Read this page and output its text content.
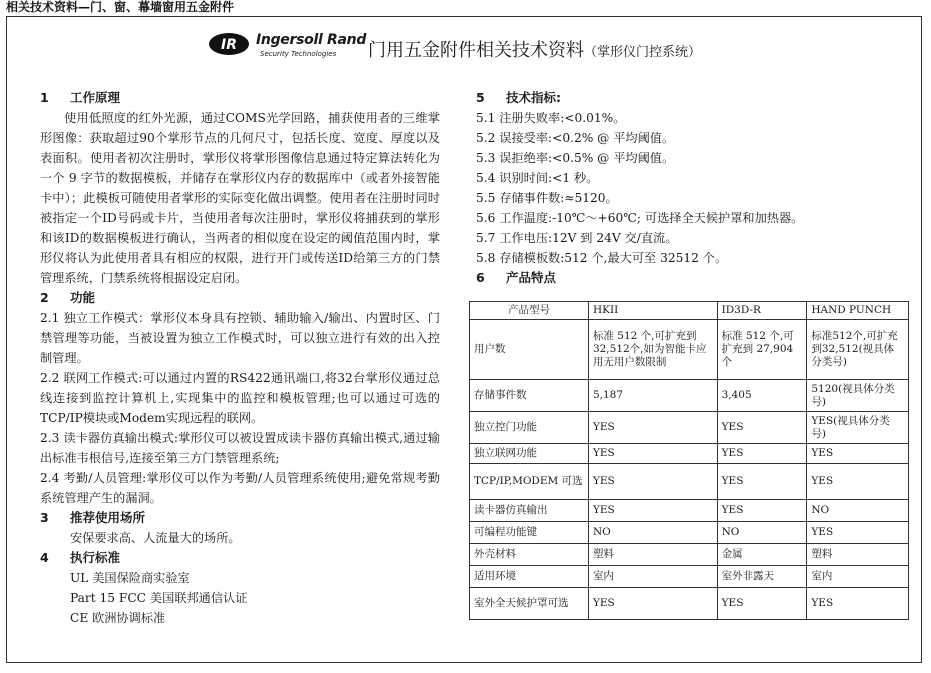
相关技术资料—门、窗、幕墙窗用五金附件
IR Ingersoll Rand
Security Technologies 门用五金附件相关技术资料（掌形仪门控系统）

1 工作原理

使用低照度的红外光源，通过COMS光学回路，捕获使用者的三维掌形图像：获取超过90个掌形节点的几何尺寸，包括长度、宽度、厚度以及表面积。使用者初次注册时，掌形仪将掌形图像信息通过特定算法转化为一个 9 字节的数据模板，并储存在掌形仪内存的数据库中（或者外接智能卡中）；此模板可随使用者掌形的实际变化做出调整。使用者在注册时同时被指定一个ID号码或卡片，当使用者每次注册时，掌形仪将捕获到的掌形和该ID的数据模板进行确认，当两者的相似度在设定的阈值范围内时，掌形仪将认为此使用者具有相应的权限，进行开门或传送ID给第三方的门禁管理系统，门禁系统将根据设定启闭。

2 功能

2.1 独立工作模式：掌形仪本身具有控锁、辅助输入/输出、内置时区、门禁管理等功能，当被设置为独立工作模式时，可以独立进行有效的出入控制管理。

2.2 联网工作模式:可以通过内置的RS422通讯端口,将32台掌形仪通过总线连接到监控计算机上,实现集中的监控和模板管理;也可以通过可选的TCP/IP模块或Modem实现远程的联网。

2.3 读卡器仿真输出模式:掌形仪可以被设置成读卡器仿真输出模式,通过输出标准韦根信号,连接至第三方门禁管理系统;

2.4 考勤/人员管理:掌形仪可以作为考勤/人员管理系统使用;避免常规考勤系统管理产生的漏洞。

3 推荐使用场所

安保要求高、人流量大的场所。

4 执行标准

UL 美国保险商实验室

Part 15 FCC 美国联邦通信认证

CE 欧洲协调标准

5 技术指标:

5.1 注册失败率:<0.01%。

5.2 误接受率:<0.2% @ 平均阈值。

5.3 误拒绝率:<0.5% @ 平均阈值。

5.4 识别时间:<1 秒。

5.5 存储事件数:≈5120。

5.6 工作温度:-10℃～+60℃; 可选择全天候护罩和加热器。

5.7 工作电压:12V 到 24V 交/直流。

5.8 存储模板数:512 个,最大可至 32512 个。

6 产品特点

产品型号	HKII	ID3D-R	HAND PUNCH
用户数	标准 512 个,可扩充到32,512个,如为智能卡应用无用户数限制	标准 512 个,可扩充到 27,904个	标准512个,可扩充到32,512(视具体分类号)
存储事件数	5,187	3,405	5120(视具体分类号)
独立控门功能	YES	YES	YES(视具体分类号)
独立联网功能	YES	YES	YES
TCP/IP,MODEM 可选	YES	YES	YES
读卡器仿真输出	YES	YES	NO
可编程功能键	NO	NO	YES
外壳材料	塑料	金属	塑料
适用环境	室内	室外非露天	室内
室外全天候护罩可选	YES	YES	YES
